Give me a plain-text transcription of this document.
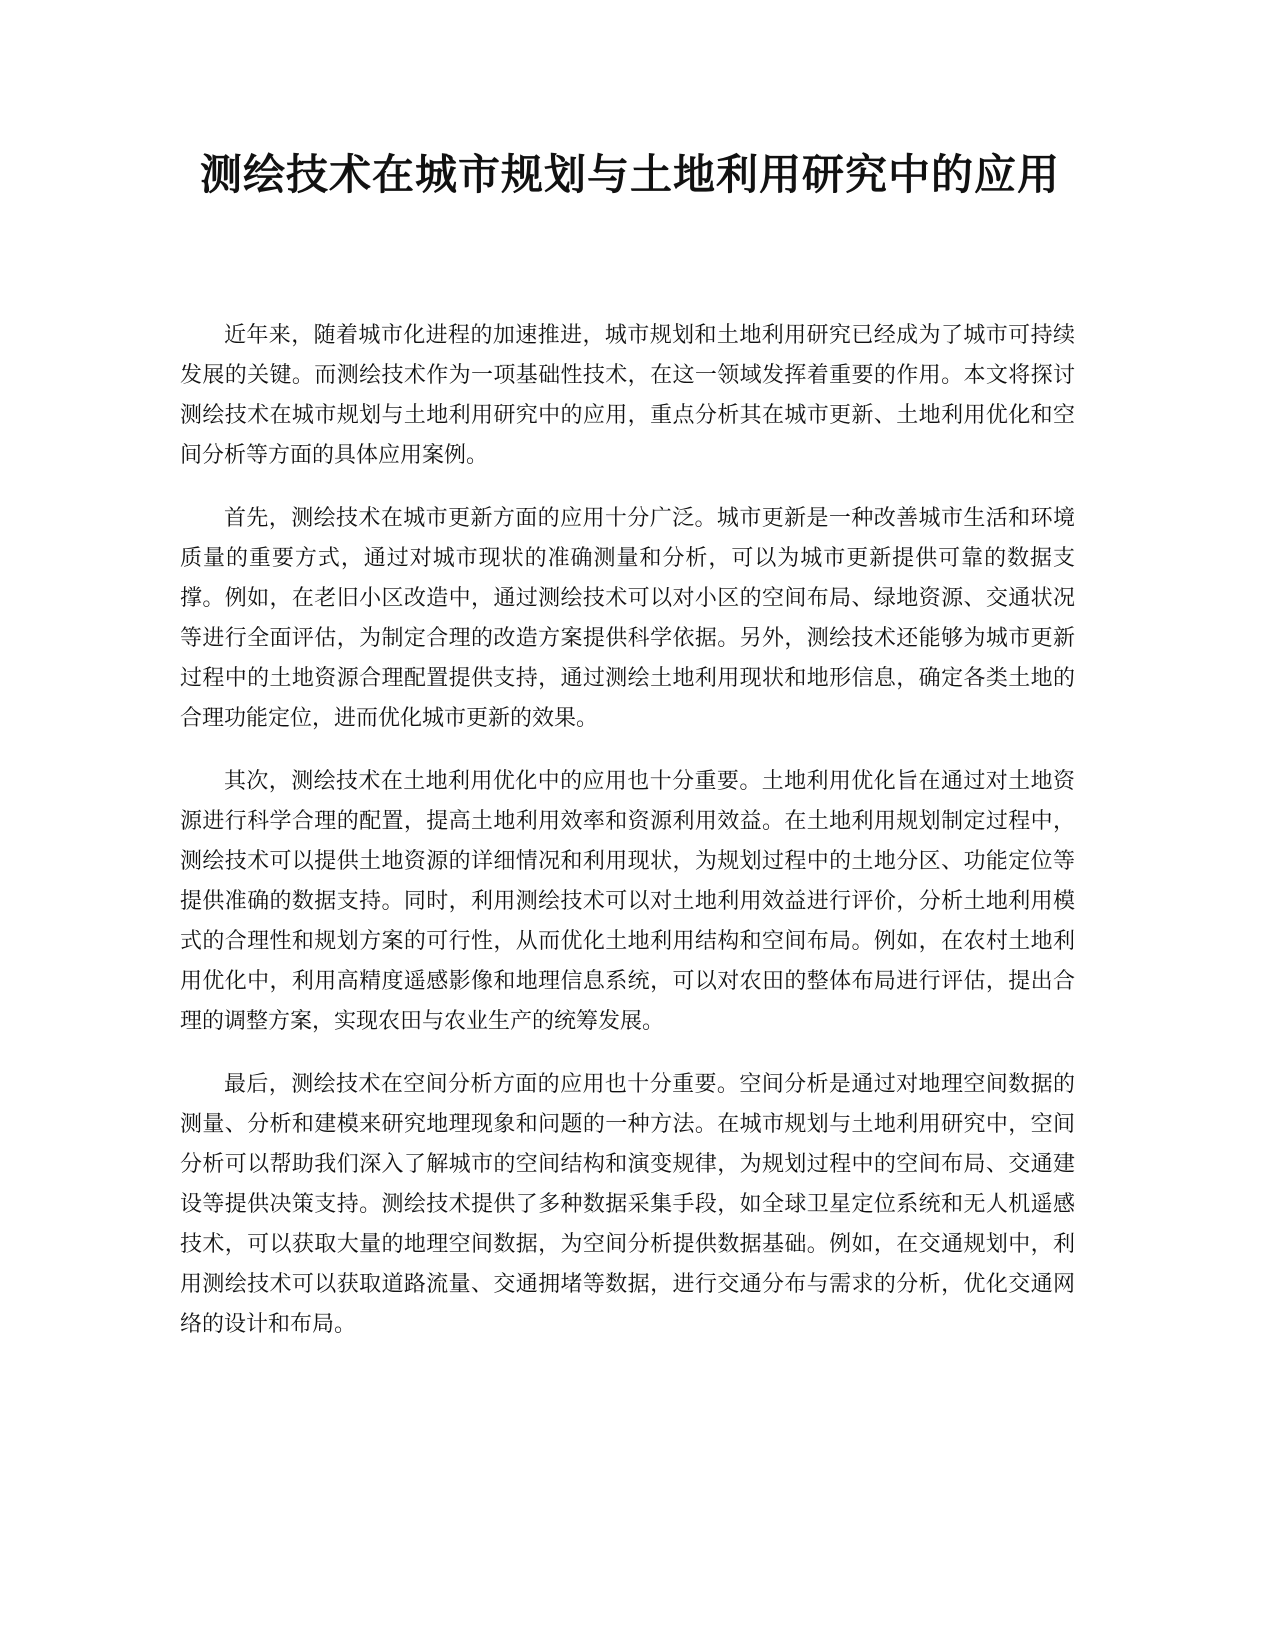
测绘技术在城市规划与土地利用研究中的应用

近年来，随着城市化进程的加速推进，城市规划和土地利用研究已经成为了城市可持续发展的关键。而测绘技术作为一项基础性技术，在这一领域发挥着重要的作用。本文将探讨测绘技术在城市规划与土地利用研究中的应用，重点分析其在城市更新、土地利用优化和空间分析等方面的具体应用案例。

首先，测绘技术在城市更新方面的应用十分广泛。城市更新是一种改善城市生活和环境质量的重要方式，通过对城市现状的准确测量和分析，可以为城市更新提供可靠的数据支撑。例如，在老旧小区改造中，通过测绘技术可以对小区的空间布局、绿地资源、交通状况等进行全面评估，为制定合理的改造方案提供科学依据。另外，测绘技术还能够为城市更新过程中的土地资源合理配置提供支持，通过测绘土地利用现状和地形信息，确定各类土地的合理功能定位，进而优化城市更新的效果。

其次，测绘技术在土地利用优化中的应用也十分重要。土地利用优化旨在通过对土地资源进行科学合理的配置，提高土地利用效率和资源利用效益。在土地利用规划制定过程中，测绘技术可以提供土地资源的详细情况和利用现状，为规划过程中的土地分区、功能定位等提供准确的数据支持。同时，利用测绘技术可以对土地利用效益进行评价，分析土地利用模式的合理性和规划方案的可行性，从而优化土地利用结构和空间布局。例如，在农村土地利用优化中，利用高精度遥感影像和地理信息系统，可以对农田的整体布局进行评估，提出合理的调整方案，实现农田与农业生产的统筹发展。

最后，测绘技术在空间分析方面的应用也十分重要。空间分析是通过对地理空间数据的测量、分析和建模来研究地理现象和问题的一种方法。在城市规划与土地利用研究中，空间分析可以帮助我们深入了解城市的空间结构和演变规律，为规划过程中的空间布局、交通建设等提供决策支持。测绘技术提供了多种数据采集手段，如全球卫星定位系统和无人机遥感技术，可以获取大量的地理空间数据，为空间分析提供数据基础。例如，在交通规划中，利用测绘技术可以获取道路流量、交通拥堵等数据，进行交通分布与需求的分析，优化交通网络的设计和布局。
